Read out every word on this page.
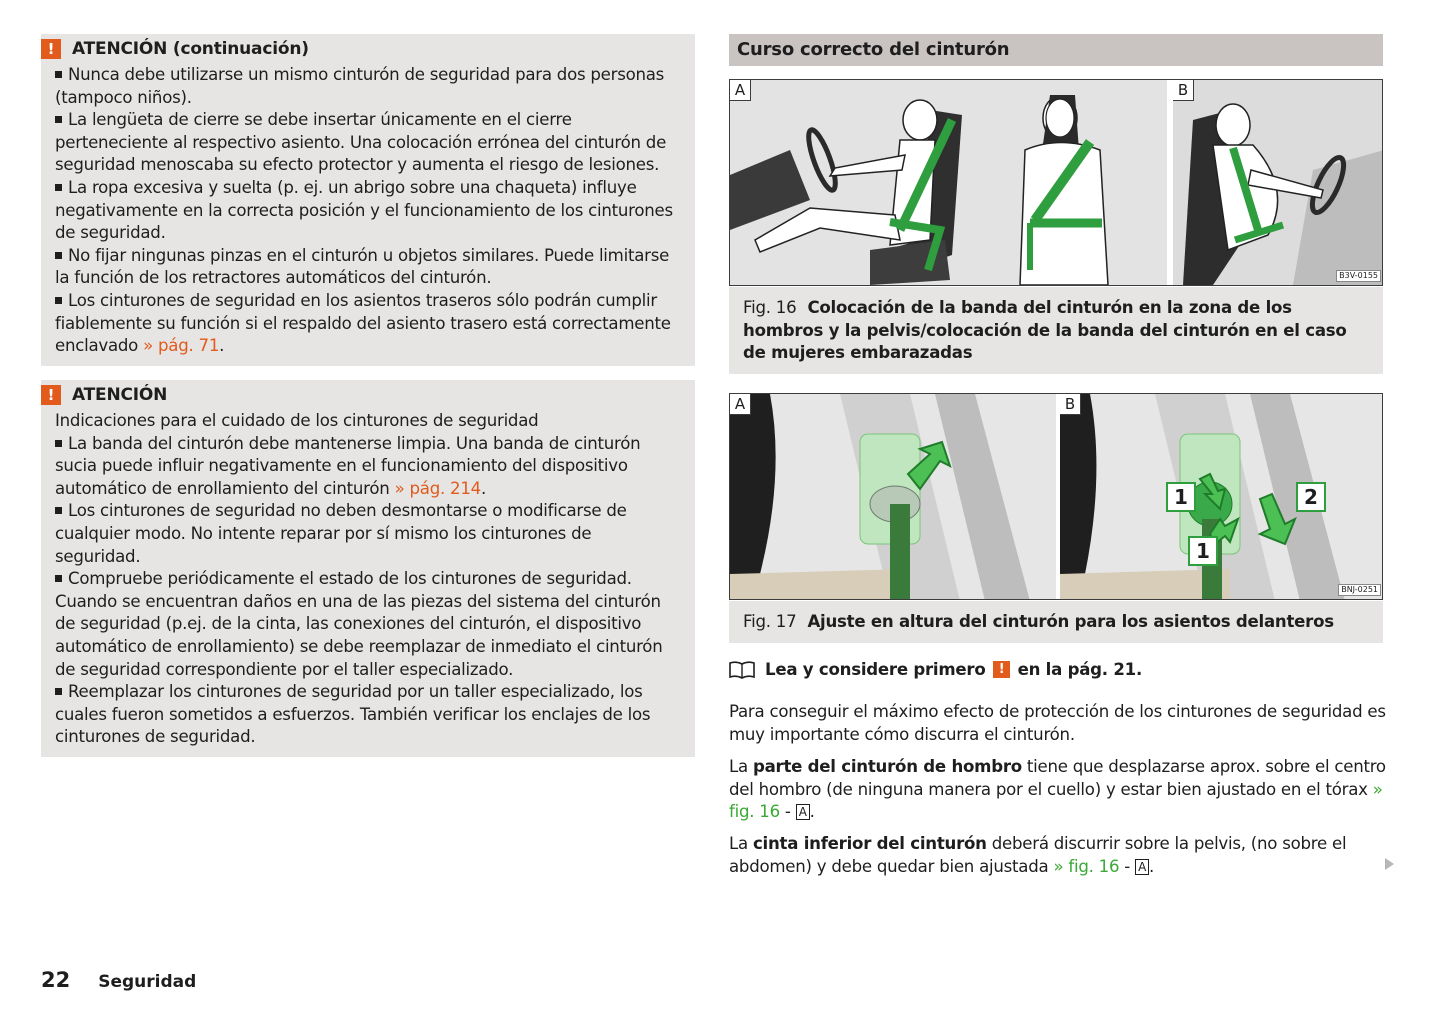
!	ATENCIÓN (continuación)

Nunca debe utilizarse un mismo cinturón de seguridad para dos personas (tampoco niños).

La lengüeta de cierre se debe insertar únicamente en el cierre perteneciente al respectivo asiento. Una colocación errónea del cinturón de seguridad menoscaba su efecto protector y aumenta el riesgo de lesiones.

La ropa excesiva y suelta (p. ej. un abrigo sobre una chaqueta) influye negativamente en la correcta posición y el funcionamiento de los cinturones de seguridad.

No fijar ningunas pinzas en el cinturón u objetos similares. Puede limitarse la función de los retractores automáticos del cinturón.

Los cinturones de seguridad en los asientos traseros sólo podrán cumplir fiablemente su función si el respaldo del asiento trasero está correctamente enclavado » pág. 71.

!	ATENCIÓN

Indicaciones para el cuidado de los cinturones de seguridad

La banda del cinturón debe mantenerse limpia. Una banda de cinturón sucia puede influir negativamente en el funcionamiento del dispositivo automático de enrollamiento del cinturón » pág. 214.

Los cinturones de seguridad no deben desmontarse o modificarse de cualquier modo. No intente reparar por sí mismo los cinturones de seguridad.

Compruebe periódicamente el estado de los cinturones de seguridad. Cuando se encuentran daños en una de las piezas del sistema del cinturón de seguridad (p.ej. de la cinta, las conexiones del cinturón, el dispositivo automático de enrollamiento) se debe reemplazar de inmediato el cinturón de seguridad correspondiente por el taller especializado.

Reemplazar los cinturones de seguridad por un taller especializado, los cuales fueron sometidos a esfuerzos. También verificar los enclajes de los cinturones de seguridad.

Curso correcto del cinturón
A	B
B3V-0155
Fig. 16 Colocación de la banda del cinturón en la zona de los hombros y la pelvis/colocación de la banda del cinturón en el caso de mujeres embarazadas
A	B
1	2
1
BNJ-0251
Fig. 17 Ajuste en altura del cinturón para los asientos delanteros
Lea y considere primero
	!
en la pág. 21.

Para conseguir el máximo efecto de protección de los cinturones de seguridad es muy importante cómo discurra el cinturón.

La parte del cinturón de hombro tiene que desplazarse aprox. sobre el centro del hombro (de ninguna manera por el cuello) y estar bien ajustado en el tórax » fig. 16 - A .

La cinta inferior del cinturón deberá discurrir sobre la pelvis, (no sobre el abdomen) y debe quedar bien ajustada » fig. 16 - A .

22 Seguridad
